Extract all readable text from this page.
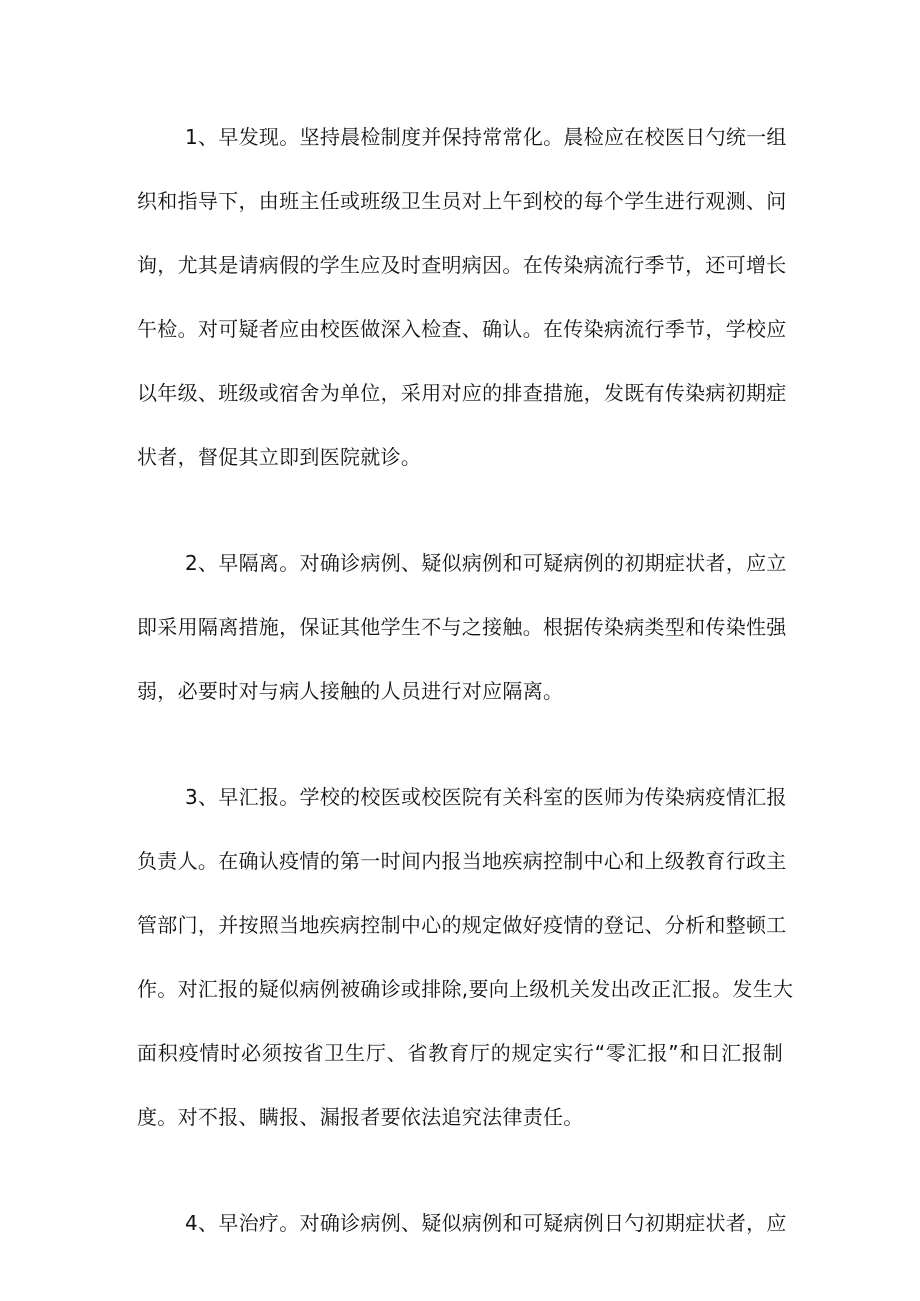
1、早发现。坚持晨检制度并保持常常化。晨检应在校医日勺统一组
织和指导下，由班主任或班级卫生员对上午到校的每个学生进行观测、问
询，尤其是请病假的学生应及时查明病因。在传染病流行季节，还可增长
午检。对可疑者应由校医做深入检查、确认。在传染病流行季节，学校应
以年级、班级或宿舍为单位，采用对应的排查措施，发既有传染病初期症
状者，督促其立即到医院就诊。
2、早隔离。对确诊病例、疑似病例和可疑病例的初期症状者，应立
即采用隔离措施，保证其他学生不与之接触。根据传染病类型和传染性强
弱，必要时对与病人接触的人员进行对应隔离。
3、早汇报。学校的校医或校医院有关科室的医师为传染病疫情汇报
负责人。在确认疫情的第一时间内报当地疾病控制中心和上级教育行政主
管部门，并按照当地疾病控制中心的规定做好疫情的登记、分析和整顿工
作。对汇报的疑似病例被确诊或排除,要向上级机关发出改正汇报。发生大
面积疫情时必须按省卫生厅、省教育厅的规定实行“零汇报”和日汇报制
度。对不报、瞒报、漏报者要依法追究法律责任。
4、早治疗。对确诊病例、疑似病例和可疑病例日勺初期症状者，应
